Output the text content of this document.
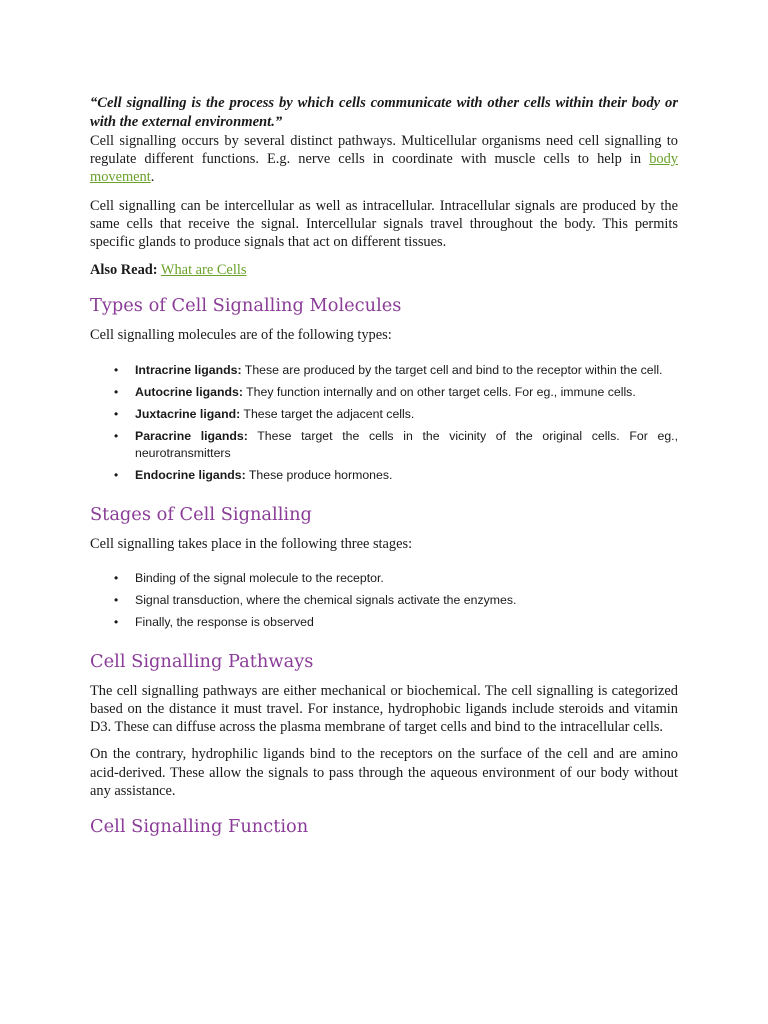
“Cell signalling is the process by which cells communicate with other cells within their body or with the external environment.”

Cell signalling occurs by several distinct pathways. Multicellular organisms need cell signalling to regulate different functions. E.g. nerve cells in coordinate with muscle cells to help in body movement.

Cell signalling can be intercellular as well as intracellular. Intracellular signals are produced by the same cells that receive the signal. Intercellular signals travel throughout the body. This permits specific glands to produce signals that act on different tissues.

Also Read: What are Cells

Types of Cell Signalling Molecules

Cell signalling molecules are of the following types:

• Intracrine ligands: These are produced by the target cell and bind to the receptor within the cell.
• Autocrine ligands: They function internally and on other target cells. For eg., immune cells.
• Juxtacrine ligand: These target the adjacent cells.
• Paracrine ligands: These target the cells in the vicinity of the original cells. For eg., neurotransmitters
• Endocrine ligands: These produce hormones.
Stages of Cell Signalling

Cell signalling takes place in the following three stages:

• Binding of the signal molecule to the receptor.
• Signal transduction, where the chemical signals activate the enzymes.
• Finally, the response is observed
Cell Signalling Pathways

The cell signalling pathways are either mechanical or biochemical. The cell signalling is categorized based on the distance it must travel. For instance, hydrophobic ligands include steroids and vitamin D3. These can diffuse across the plasma membrane of target cells and bind to the intracellular cells.

On the contrary, hydrophilic ligands bind to the receptors on the surface of the cell and are amino acid-derived. These allow the signals to pass through the aqueous environment of our body without any assistance.

Cell Signalling Function
